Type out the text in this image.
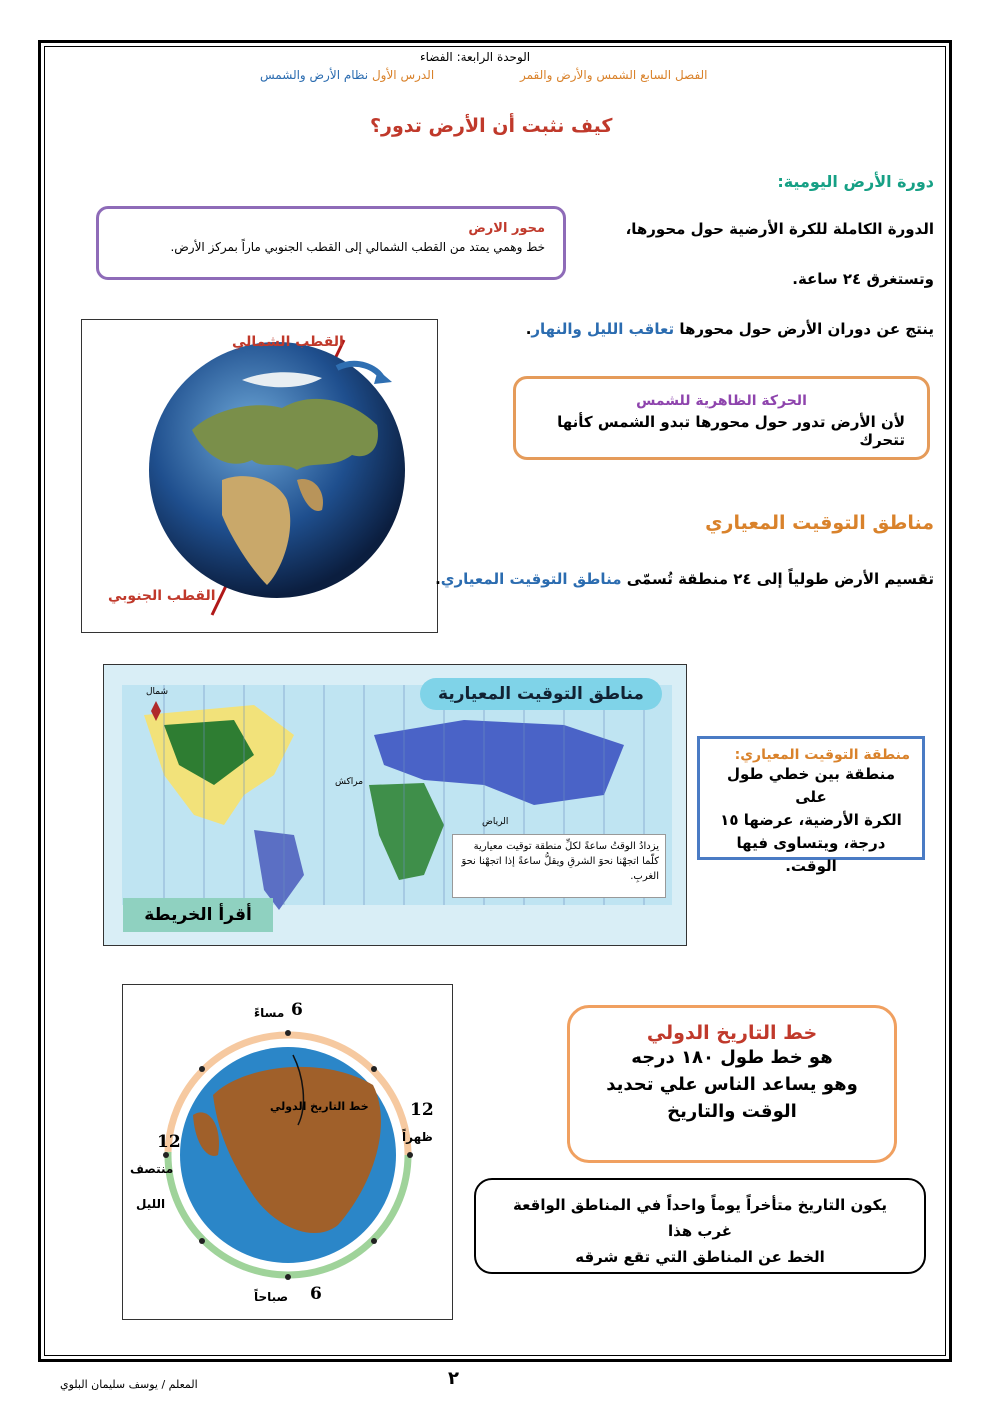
الوحدة الرابعة: الفضاء
الفصل السابع الشمس والأرض والقمر
الدرس الأول نظام الأرض والشمس
كيف نثبت أن الأرض تدور؟
دورة الأرض اليومية:
الدورة الكاملة للكرة الأرضية حول محورها،
وتستغرق ٢٤ ساعة.
ينتج عن دوران الأرض حول محورها تعاقب الليل والنهار.
محور الارض
خط وهمي يمتد من القطب الشمالي إلى القطب الجنوبي ماراً بمركز الأرض.
القطب الشمالي
القطب الجنوبي
الحركة الظاهرية للشمس
لأن الأرض تدور حول محورها تبدو الشمس كأنها تتحرك
مناطق التوقيت المعياري
تقسيم الأرض طولياً إلى ٢٤ منطقة تُسمّى مناطق التوقيت المعياري.
مناطق التوقيت المعيارية
أقرأ الخريطة
شمال
مراكش
الرياض
يزدادُ الوقتُ ساعةً لكلِّ منطقة توقيت معيارية كلّما اتجهْنا نحوَ الشرقِ ويقلُّ ساعةً إذا اتجهْنا نحوَ الغربِ.
منطقة التوقيت المعياري:
منطقة بين خطي طول على
الكرة الأرضية، عرضها ١٥
درجة، ويتساوى فيها الوقت.
6
مساءً
12
ظهراً
12
منتصف
الليل
6
صباحاً
خط التاريخ الدولي
خط التاريخ الدولي
هو خط طول ١٨٠ درجه
وهو يساعد الناس علي تحديد
الوقت والتاريخ
يكون التاريخ متأخراً يوماً واحداً في المناطق الواقعة غرب هذا
الخط عن المناطق التي تقع شرقه
المعلم / يوسف سليمان البلوي	٢
